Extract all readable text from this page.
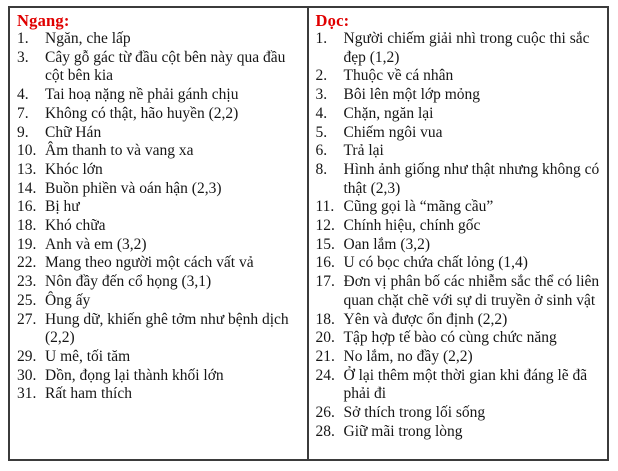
Ngang:
1.	Ngăn, che lấp
3.	Cây gỗ gác từ đầu cột bên này qua đầu cột bên kia
4.	Tai hoạ nặng nề phải gánh chịu
7.	Không có thật, hão huyền (2,2)
9.	Chữ Hán
10. Âm thanh to và vang xa
13. Khóc lớn
14. Buồn phiền và oán hận (2,3)
16. Bị hư
18. Khó chữa
19. Anh và em (3,2)
22. Mang theo người một cách vất vả
23. Nôn đầy đến cổ họng (3,1)
25. Ông ấy
27. Hung dữ, khiến ghê tởm như bệnh dịch (2,2)
29. U mê, tối tăm
30. Dồn, đọng lại thành khối lớn
31. Rất ham thích
Dọc:
1.	Người chiếm giải nhì trong cuộc thi sắc đẹp (1,2)
2.	Thuộc về cá nhân
3.	Bôi lên một lớp mỏng
4.	Chặn, ngăn lại
5.	Chiếm ngôi vua
6.	Trả lại
8.	Hình ảnh giống như thật nhưng không có thật (2,3)
11. Cũng gọi là “mãng cầu”
12. Chính hiệu, chính gốc
15. Oan lắm (3,2)
16. U có bọc chứa chất lỏng (1,4)
17. Đơn vị phân bố các nhiễm sắc thể có liên quan chặt chẽ với sự di truyền ở sinh vật
18. Yên và được ổn định (2,2)
20. Tập hợp tế bào có cùng chức năng
21. No lắm, no đầy (2,2)
24. Ở lại thêm một thời gian khi đáng lẽ đã phải đi
26. Sở thích trong lối sống
28. Giữ mãi trong lòng
